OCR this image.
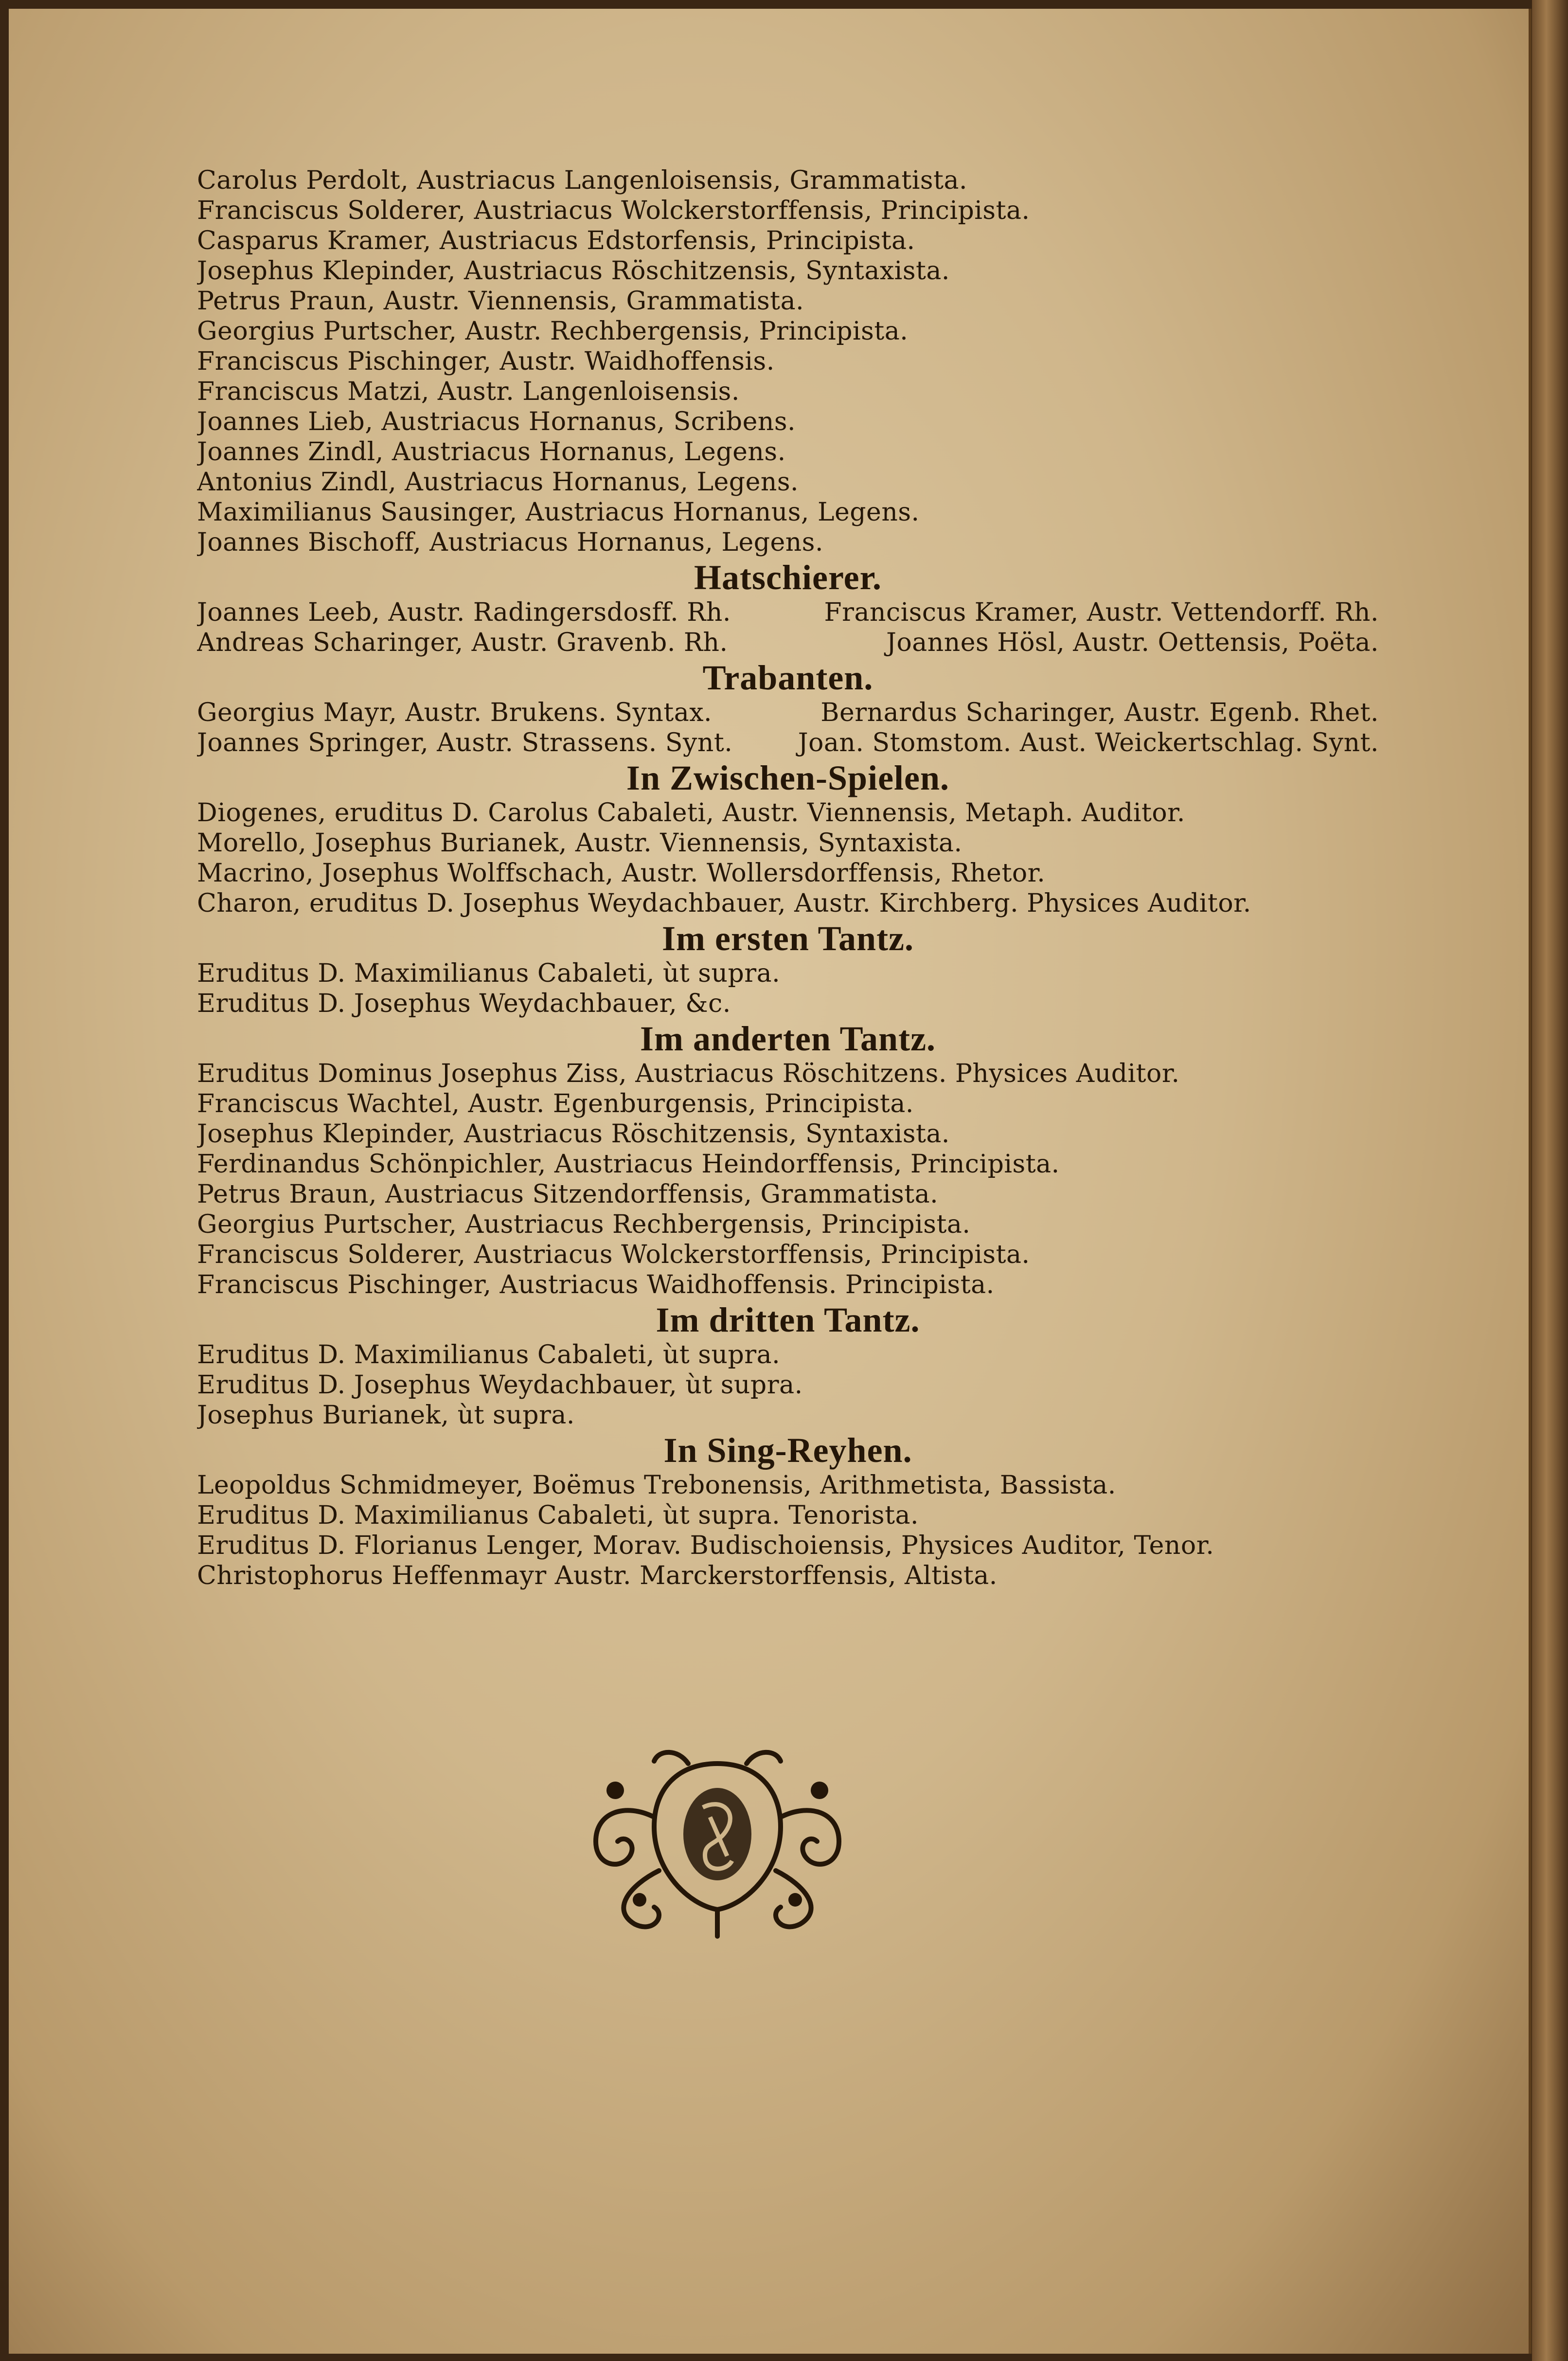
Carolus Perdolt, Austriacus Langenloisensis, Grammatista.
Franciscus Solderer, Austriacus Wolckerstorffensis, Principista.
Casparus Kramer, Austriacus Edstorfensis, Principista.
Josephus Klepinder, Austriacus Röschitzensis, Syntaxista.
Petrus Praun, Austr. Viennensis, Grammatista.
Georgius Purtscher, Austr. Rechbergensis, Principista.
Franciscus Pischinger, Austr. Waidhoffensis.
Franciscus Matzi, Austr. Langenloisensis.
Joannes Lieb, Austriacus Hornanus, Scribens.
Joannes Zindl, Austriacus Hornanus, Legens.
Antonius Zindl, Austriacus Hornanus, Legens.
Maximilianus Sausinger, Austriacus Hornanus, Legens.
Joannes Bischoff, Austriacus Hornanus, Legens.
Hatschierer.
Joannes Leeb, Austr. Radingersdosff. Rh.	Franciscus Kramer, Austr. Vettendorff. Rh.
Andreas Scharinger, Austr. Gravenb. Rh.	Joannes Hösl, Austr. Oettensis, Poëta.
Trabanten.
Georgius Mayr, Austr. Brukens. Syntax.	Bernardus Scharinger, Austr. Egenb. Rhet.
Joannes Springer, Austr. Strassens. Synt.	Joan. Stomstom. Aust. Weickertschlag. Synt.
In Zwischen-Spielen.
Diogenes, eruditus D. Carolus Cabaleti, Austr. Viennensis, Metaph. Auditor.
Morello, Josephus Burianek, Austr. Viennensis, Syntaxista.
Macrino, Josephus Wolffschach, Austr. Wollersdorffensis, Rhetor.
Charon, eruditus D. Josephus Weydachbauer, Austr. Kirchberg. Physices Auditor.
Im ersten Tantz.
Eruditus D. Maximilianus Cabaleti, ùt supra.
Eruditus D. Josephus Weydachbauer, &c.
Im anderten Tantz.
Eruditus Dominus Josephus Ziss, Austriacus Röschitzens. Physices Auditor.
Franciscus Wachtel, Austr. Egenburgensis, Principista.
Josephus Klepinder, Austriacus Röschitzensis, Syntaxista.
Ferdinandus Schönpichler, Austriacus Heindorffensis, Principista.
Petrus Braun, Austriacus Sitzendorffensis, Grammatista.
Georgius Purtscher, Austriacus Rechbergensis, Principista.
Franciscus Solderer, Austriacus Wolckerstorffensis, Principista.
Franciscus Pischinger, Austriacus Waidhoffensis. Principista.
Im dritten Tantz.
Eruditus D. Maximilianus Cabaleti, ùt supra.
Eruditus D. Josephus Weydachbauer, ùt supra.
Josephus Burianek, ùt supra.
In Sing-Reyhen.
Leopoldus Schmidmeyer, Boëmus Trebonensis, Arithmetista, Bassista.
Eruditus D. Maximilianus Cabaleti, ùt supra. Tenorista.
Eruditus D. Florianus Lenger, Morav. Budischoiensis, Physices Auditor, Tenor.
Christophorus Heffenmayr Austr. Marckerstorffensis, Altista.
